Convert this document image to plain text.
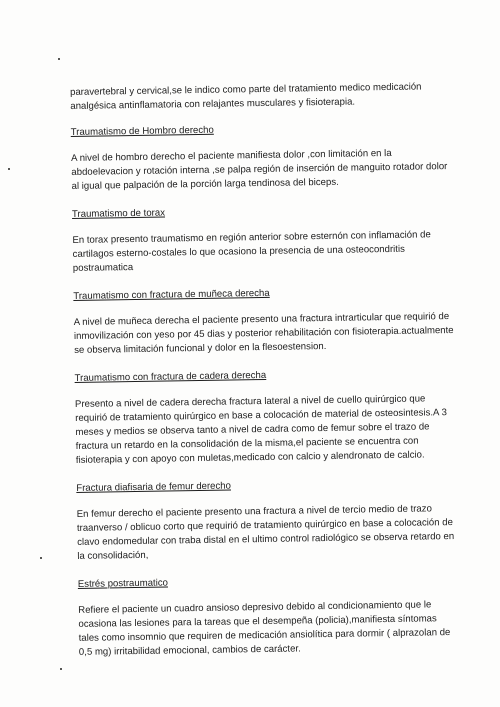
paravertebral y cervical,se le indico como parte del tratamiento medico medicación analgésica antinflamatoria con relajantes musculares y fisioterapia.

Traumatismo de Hombro derecho

A nivel de hombro derecho el paciente manifiesta dolor ,con limitación en la abdoelevacion y rotación interna ,se palpa región de inserción de manguito rotador dolor al igual que palpación de la porción larga tendinosa del biceps.

Traumatismo de torax

En torax presento traumatismo en región anterior sobre esternón con inflamación de cartilagos esterno-costales lo que ocasiono la presencia de una osteocondritis postraumatica

Traumatismo con fractura de muñeca derecha

A nivel de muñeca derecha el paciente presento una fractura intrarticular que requirió de inmovilización con yeso por 45 dias y posterior rehabilitación con fisioterapia.actualmente se observa limitación funcional y dolor en la flesoestension.

Traumatismo con fractura de cadera derecha

Presento a nivel de cadera derecha fractura lateral a nivel de cuello quirúrgico que requirió de tratamiento quirúrgico en base a colocación de material de osteosintesis.A 3 meses y medios se observa tanto a nivel de cadra como de femur sobre el trazo de fractura un retardo en la consolidación de la misma,el paciente se encuentra con fisioterapia y con apoyo con muletas,medicado con calcio y alendronato de calcio.

Fractura diafisaria de femur derecho

En femur derecho el paciente presento una fractura a nivel de tercio medio de trazo traanverso / oblicuo corto que requirió de tratamiento quirúrgico en base a colocación de clavo endomedular con traba distal en el ultimo control radiológico se observa retardo en la consolidación,

Estrés postraumatico

Refiere el paciente un cuadro ansioso depresivo debido al condicionamiento que le ocasiona las lesiones para la tareas que el desempeña (policia),manifiesta síntomas tales como insomnio que requiren de medicación ansiolítica para dormir ( alprazolan de 0,5 mg) irritabilidad emocional, cambios de carácter.
